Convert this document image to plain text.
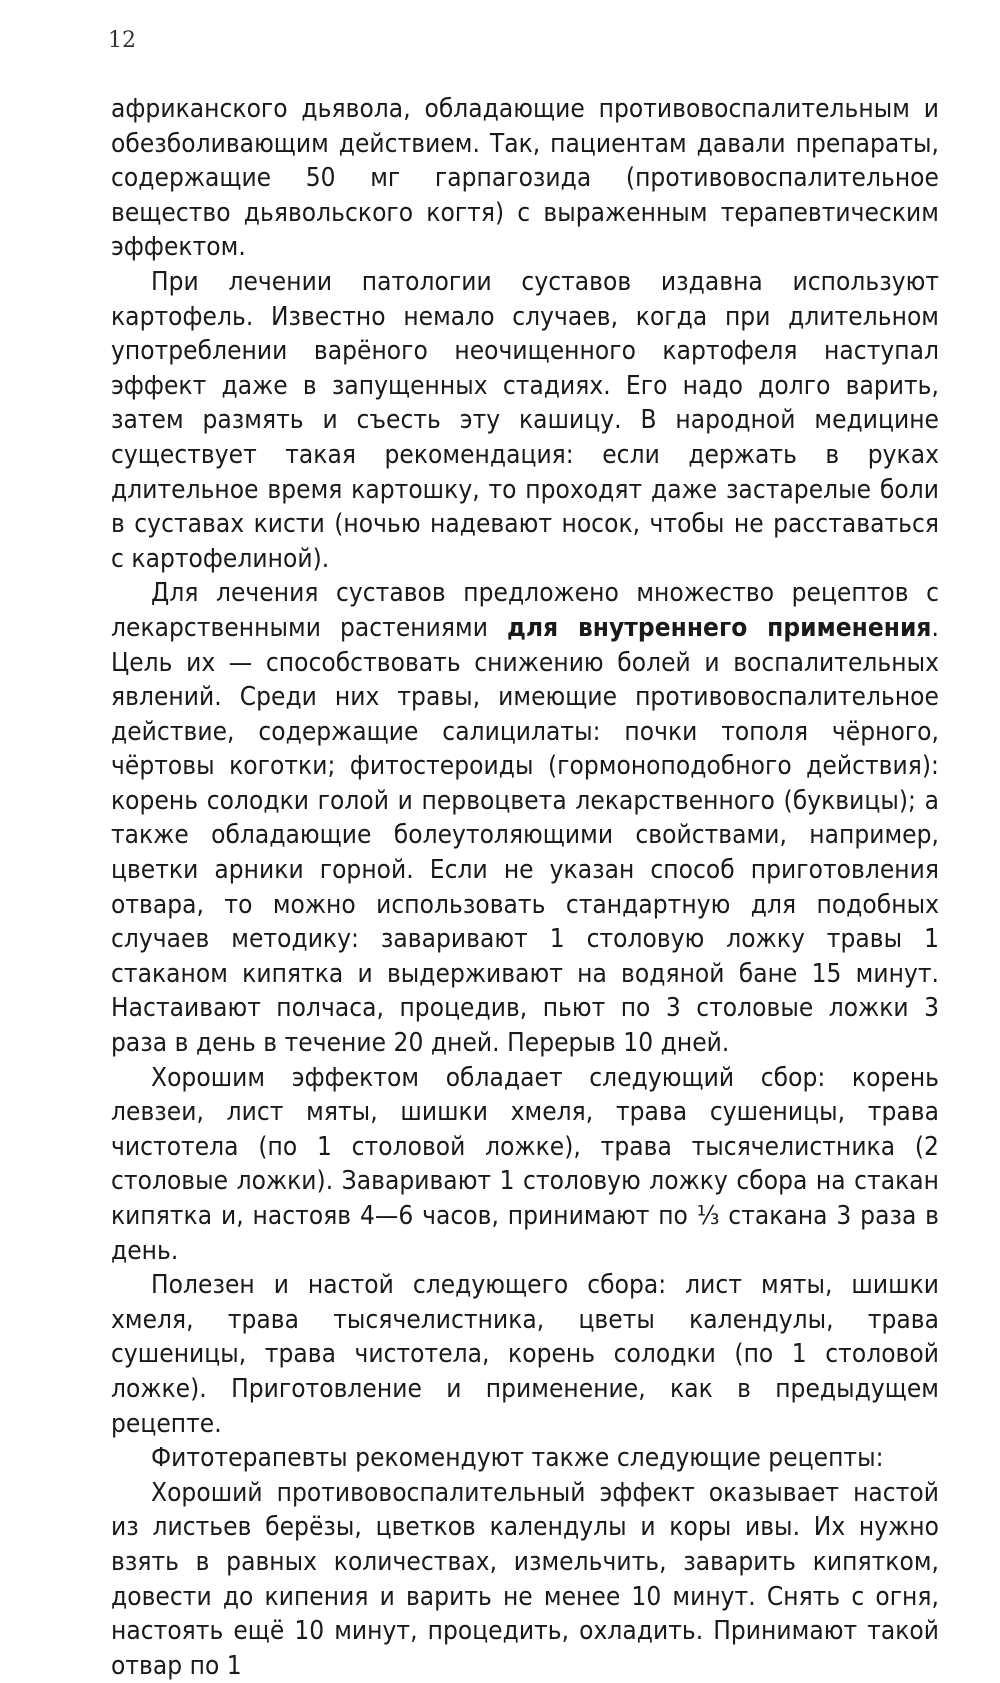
12

африканского дьявола, обладающие противовоспалительным и обезболивающим действием. Так, пациентам давали препараты, содержащие 50 мг гарпагозида (противовоспалительное вещество дьявольского когтя) с выраженным терапевтическим эффектом.

При лечении патологии суставов издавна используют картофель. Известно немало случаев, когда при длительном употреблении варёного неочищенного картофеля наступал эффект даже в запущенных стадиях. Его надо долго варить, затем размять и съесть эту кашицу. В народной медицине существует такая рекомендация: если держать в руках длительное время картошку, то проходят даже застарелые боли в суставах кисти (ночью надевают носок, чтобы не расставаться с картофелиной).

Для лечения суставов предложено множество рецептов с лекарственными растениями для внутреннего применения. Цель их — способствовать снижению болей и воспалительных явлений. Среди них травы, имеющие противовоспалительное действие, содержащие салицилаты: почки тополя чёрного, чёртовы коготки; фитостероиды (гормоноподобного действия): корень солодки голой и первоцвета лекарственного (буквицы); а также обладающие болеутоляющими свойствами, например, цветки арники горной. Если не указан способ приготовления отвара, то можно использовать стандартную для подобных случаев методику: заваривают 1 столовую ложку травы 1 стаканом кипятка и выдерживают на водяной бане 15 минут. Настаивают полчаса, процедив, пьют по 3 столовые ложки 3 раза в день в течение 20 дней. Перерыв 10 дней.

Хорошим эффектом обладает следующий сбор: корень левзеи, лист мяты, шишки хмеля, трава сушеницы, трава чистотела (по 1 столовой ложке), трава тысячелистника (2 столовые ложки). Заваривают 1 столовую ложку сбора на стакан кипятка и, настояв 4—6 часов, принимают по ⅓ стакана 3 раза в день.

Полезен и настой следующего сбора: лист мяты, шишки хмеля, трава тысячелистника, цветы календулы, трава сушеницы, трава чистотела, корень солодки (по 1 столовой ложке). Приготовление и применение, как в предыдущем рецепте.

Фитотерапевты рекомендуют также следующие рецепты:

Хороший противовоспалительный эффект оказывает настой из листьев берёзы, цветков календулы и коры ивы. Их нужно взять в равных количествах, измельчить, заварить кипятком, довести до кипения и варить не менее 10 минут. Снять с огня, настоять ещё 10 минут, процедить, охладить. Принимают такой отвар по 1
